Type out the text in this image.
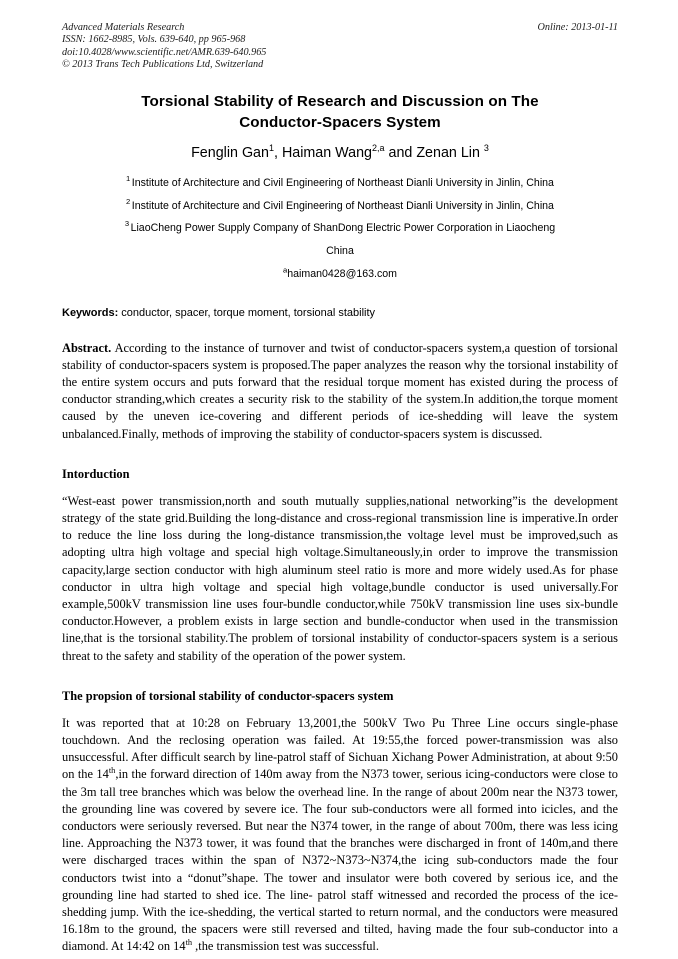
Advanced Materials Research
ISSN: 1662-8985, Vols. 639-640, pp 965-968
doi:10.4028/www.scientific.net/AMR.639-640.965
© 2013 Trans Tech Publications Ltd, Switzerland
Online: 2013-01-11
Torsional Stability of Research and Discussion on The
Conductor-Spacers System
Fenglin Gan$^1$, Haiman Wang$^{2,a}$ and Zenan Lin $^3$
$^1$ Institute of Architecture and Civil Engineering of Northeast Dianli University in Jinlin, China
$^2$ Institute of Architecture and Civil Engineering of Northeast Dianli University in Jinlin, China
$^3$ LiaoCheng Power Supply Company of ShanDong Electric Power Corporation in Liaocheng
China
$^a$haiman0428@163.com
Keywords: conductor, spacer, torque moment, torsional stability

Abstract. According to the instance of turnover and twist of conductor-spacers system,a question of torsional stability of conductor-spacers system is proposed.The paper analyzes the reason why the torsional instability of the entire system occurs and puts forward that the residual torque moment has existed during the process of conductor stranding,which creates a security risk to the stability of the system.In addition,the torque moment caused by the uneven ice-covering and different periods of ice-shedding will leave the system unbalanced.Finally, methods of improving the stability of conductor-spacers system is discussed.

Intorduction

“West-east power transmission,north and south mutually supplies,national networking”is the development strategy of the state grid.Building the long-distance and cross-regional transmission line is imperative.In order to reduce the line loss during the long-distance transmission,the voltage level must be improved,such as adopting ultra high voltage and special high voltage.Simultaneously,in order to improve the transmission capacity,large section conductor with high aluminum steel ratio is more and more widely used.As for phase conductor in ultra high voltage and special high voltage,bundle conductor is used universally.For example,500kV transmission line uses four-bundle conductor,while 750kV transmission line uses six-bundle conductor.However, a problem exists in large section and bundle-conductor when used in the transmission line,that is the torsional stability.The problem of torsional instability of conductor-spacers system is a serious threat to the safety and stability of the operation of the power system.

The propsion of torsional stability of conductor-spacers system

It was reported that at 10:28 on February 13,2001,the 500kV Two Pu Three Line occurs single-phase touchdown. And the reclosing operation was failed. At 19:55,the forced power-transmission was also unsuccessful. After difficult search by line-patrol staff of Sichuan Xichang Power Administration, at about 9:50 on the 14th,in the forward direction of 140m away from the N373 tower, serious icing-conductors were close to the 3m tall tree branches which was below the overhead line. In the range of about 200m near the N373 tower, the grounding line was covered by severe ice. The four sub-conductors were all formed into icicles, and the conductors were seriously reversed. But near the N374 tower, in the range of about 700m, there was less icing line. Approaching the N373 tower, it was found that the branches were discharged in front of 140m,and there were discharged traces within the span of N372~N373~N374,the icing sub-conductors made the four conductors twist into a “donut”shape. The tower and insulator were both covered by serious ice, and the grounding line had started to shed ice. The line- patrol staff witnessed and recorded the process of the ice-shedding jump. With the ice-shedding, the vertical started to return normal, and the conductors were measured 16.18m to the ground, the spacers were still reversed and tilted, having made the four sub-conductor into a diamond. At 14:42 on 14th ,the transmission test was successful.
